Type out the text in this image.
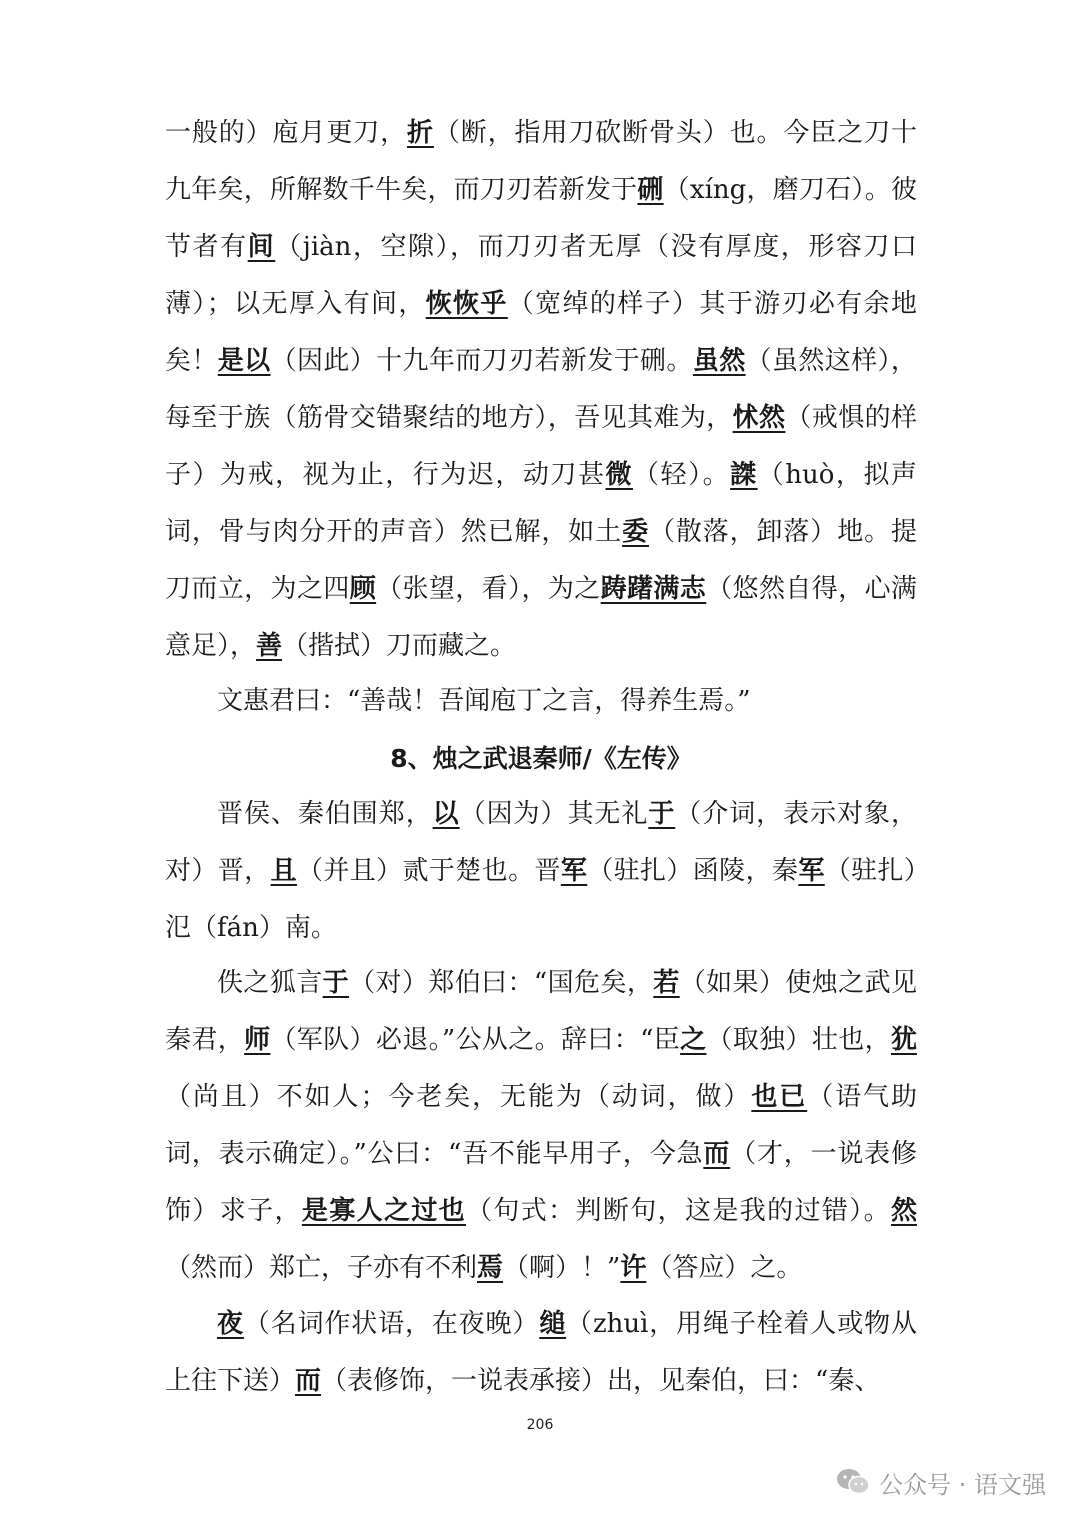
一般的）庖月更刀，折（断，指用刀砍断骨头）也。今臣之刀十九年矣，所解数千牛矣，而刀刃若新发于硎（xíng，磨刀石）。彼节者有间（jiàn，空隙），而刀刃者无厚（没有厚度，形容刀口薄）；以无厚入有间，恢恢乎（宽绰的样子）其于游刃必有余地矣！是以（因此）十九年而刀刃若新发于硎。虽然（虽然这样），每至于族（筋骨交错聚结的地方），吾见其难为，怵然（戒惧的样子）为戒，视为止，行为迟，动刀甚微（轻）。謋（huò，拟声词，骨与肉分开的声音）然已解，如土委（散落，卸落）地。提刀而立，为之四顾（张望，看），为之踌躇满志（悠然自得，心满意足），善（揩拭）刀而藏之。

文惠君曰：“善哉！吾闻庖丁之言，得养生焉。”

8、烛之武退秦师/《左传》

晋侯、秦伯围郑，以（因为）其无礼于（介词，表示对象，对）晋，且（并且）贰于楚也。晋军（驻扎）函陵，秦军（驻扎）氾（fán）南。

佚之狐言于（对）郑伯曰：“国危矣，若（如果）使烛之武见秦君，师（军队）必退。”公从之。辞曰：“臣之（取独）壮也，犹（尚且）不如人；今老矣，无能为（动词，做）也已（语气助词，表示确定）。”公曰：“吾不能早用子，今急而（才，一说表修饰）求子，是寡人之过也（句式：判断句，这是我的过错）。然（然而）郑亡，子亦有不利焉（啊）！”许（答应）之。

夜（名词作状语，在夜晚）缒（zhuì，用绳子栓着人或物从上往下送）而（表修饰，一说表承接）出，见秦伯，曰：“秦、

206
公众号 · 语文强
